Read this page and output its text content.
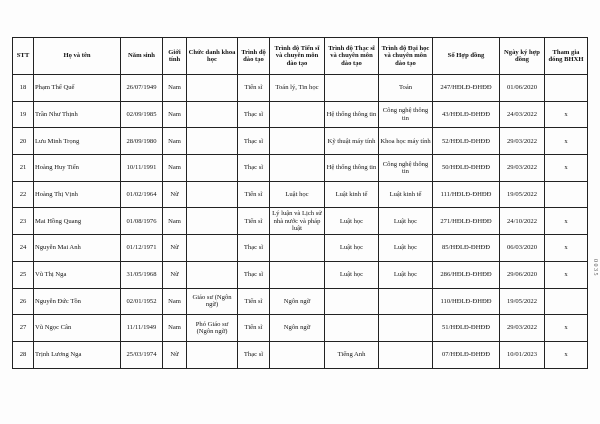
STT	Họ và tên	Năm sinh	Giới tính	Chức danh khoa học	Trình độ đào tạo	Trình độ Tiến sĩ và chuyên môn đào tạo	Trình độ Thạc sĩ và chuyên môn đào tạo	Trình độ Đại học và chuyên môn đào tạo	Số Hợp đồng	Ngày ký hợp đồng	Tham gia đóng BHXH
18	Phạm Thế Quế	26/07/1949	Nam		Tiến sĩ	Toán lý, Tin học		Toán	247/HĐLĐ-ĐHĐĐ	01/06/2020	
19	Trần Như Thịnh	02/09/1985	Nam		Thạc sĩ		Hệ thống thông tin	Công nghệ thông tin	43/HĐLĐ-ĐHĐĐ	24/03/2022	x
20	Lưu Minh Trọng	28/09/1980	Nam		Thạc sĩ		Kỹ thuật máy tính	Khoa học máy tính	52/HĐLĐ-ĐHĐĐ	29/03/2022	x
21	Hoàng Huy Tiến	10/11/1991	Nam		Thạc sĩ		Hệ thống thông tin	Công nghệ thông tin	50/HĐLĐ-ĐHĐĐ	29/03/2022	x
22	Hoàng Thị Vịnh	01/02/1964	Nữ		Tiến sĩ	Luật học	Luật kinh tế	Luật kinh tế	111/HĐLĐ-ĐHĐĐ	19/05/2022	
23	Mai Hồng Quang	01/08/1976	Nam		Tiến sĩ	Lý luận và Lịch sử nhà nước và pháp luật	Luật học	Luật học	271/HĐLĐ-ĐHĐĐ	24/10/2022	x
24	Nguyễn Mai Anh	01/12/1971	Nữ		Thạc sĩ		Luật học	Luật học	85/HĐLĐ-ĐHĐĐ	06/03/2020	x
25	Vũ Thị Nga	31/05/1968	Nữ		Thạc sĩ		Luật học	Luật học	286/HĐLĐ-ĐHĐĐ	29/06/2020	x
26	Nguyễn Đức Tồn	02/01/1952	Nam	Giáo sư (Ngôn ngữ)	Tiến sĩ	Ngôn ngữ			110/HĐLĐ-ĐHĐĐ	19/05/2022	
27	Vũ Ngọc Cân	11/11/1949	Nam	Phó Giáo sư (Ngôn ngữ)	Tiến sĩ	Ngôn ngữ			51/HĐLĐ-ĐHĐĐ	29/03/2022	x
28	Trịnh Lương Nga	25/03/1974	Nữ		Thạc sĩ		Tiếng Anh		07/HĐLĐ-ĐHĐĐ	10/01/2023	x
0 0 3 5
